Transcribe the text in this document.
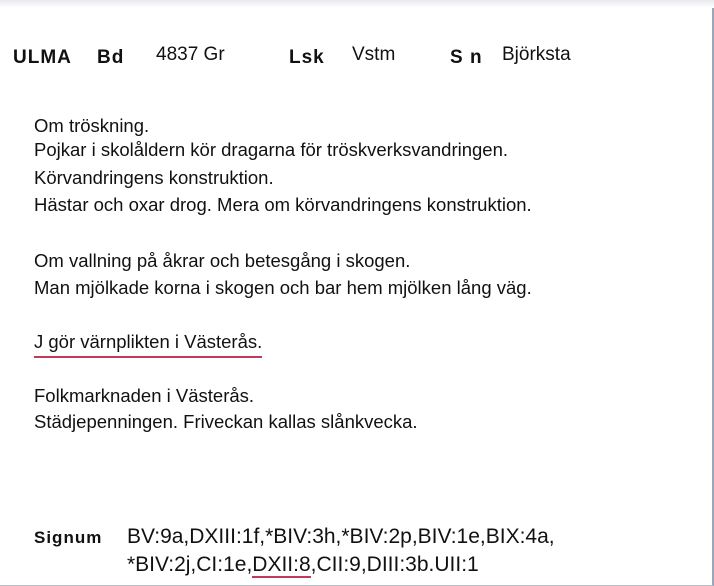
ULMA Bd 4837 Gr	Lsk Vstm	S n Björksta
Om tröskning.
Pojkar i skolåldern kör dragarna för tröskverksvandringen.
Körvandringens konstruktion.
Hästar och oxar drog. Mera om körvandringens konstruktion.
Om vallning på åkrar och betesgång i skogen.
Man mjölkade korna i skogen och bar hem mjölken lång väg.
J gör värnplikten i Västerås.
Folkmarknaden i Västerås.
Städjepenningen. Friveckan kallas slånkvecka.
Signum BV:9a,DXIII:1f,*BIV:3h,*BIV:2p,BIV:1e,BIX:4a,
*BIV:2j,CI:1e,DXII:8,CII:9,DIII:3b.UII:1
